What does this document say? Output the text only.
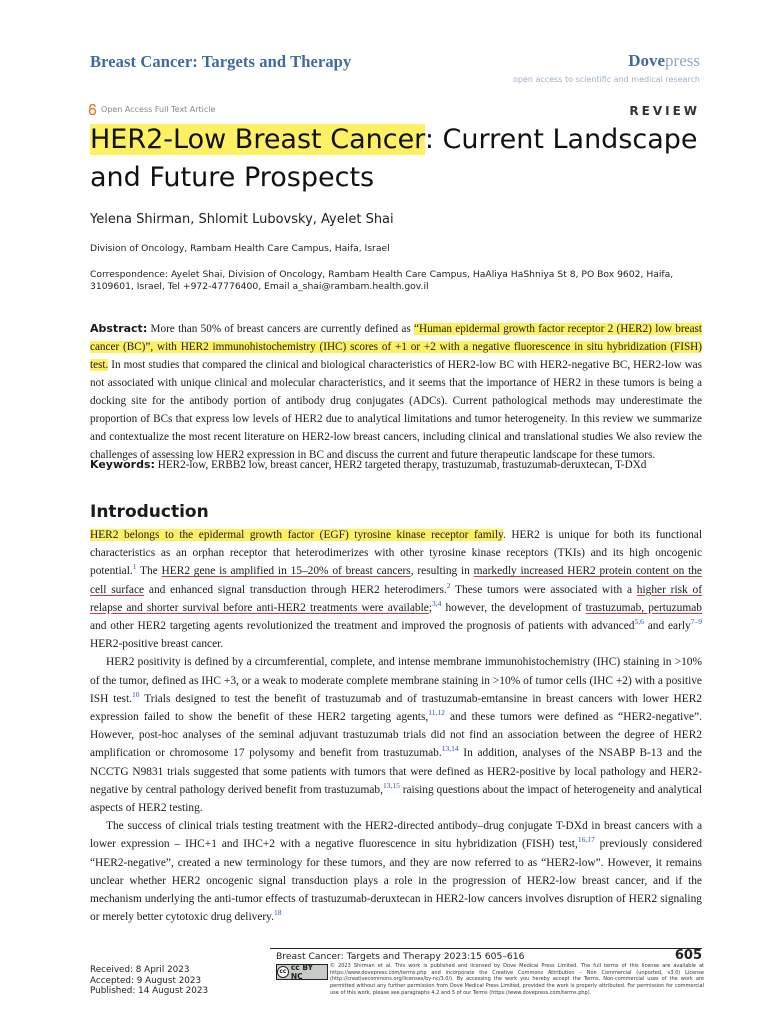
Breast Cancer: Targets and Therapy	Dovepress
open access to scientific and medical research
Open Access Full Text Article	REVIEW
HER2-Low Breast Cancer: Current Landscape and Future Prospects
Yelena Shirman, Shlomit Lubovsky, Ayelet Shai
Division of Oncology, Rambam Health Care Campus, Haifa, Israel
Correspondence: Ayelet Shai, Division of Oncology, Rambam Health Care Campus, HaAliya HaShniya St 8, PO Box 9602, Haifa, 3109601, Israel, Tel +972-47776400, Email a_shai@rambam.health.gov.il
Abstract: More than 50% of breast cancers are currently defined as “Human epidermal growth factor receptor 2 (HER2) low breast cancer (BC)”, with HER2 immunohistochemistry (IHC) scores of +1 or +2 with a negative fluorescence in situ hybridization (FISH) test. In most studies that compared the clinical and biological characteristics of HER2-low BC with HER2-negative BC, HER2-low was not associated with unique clinical and molecular characteristics, and it seems that the importance of HER2 in these tumors is being a docking site for the antibody portion of antibody drug conjugates (ADCs). Current pathological methods may underestimate the proportion of BCs that express low levels of HER2 due to analytical limitations and tumor heterogeneity. In this review we summarize and contextualize the most recent literature on HER2-low breast cancers, including clinical and translational studies We also review the challenges of assessing low HER2 expression in BC and discuss the current and future therapeutic landscape for these tumors.
Keywords: HER2-low, ERBB2 low, breast cancer, HER2 targeted therapy, trastuzumab, trastuzumab-deruxtecan, T-DXd
Introduction

HER2 belongs to the epidermal growth factor (EGF) tyrosine kinase receptor family. HER2 is unique for both its functional characteristics as an orphan receptor that heterodimerizes with other tyrosine kinase receptors (TKIs) and its high oncogenic potential.$^1$ The HER2 gene is amplified in 15–20% of breast cancers, resulting in markedly increased HER2 protein content on the cell surface and enhanced signal transduction through HER2 heterodimers.$^2$ These tumors were associated with a higher risk of relapse and shorter survival before anti-HER2 treatments were available;$^{3,4}$ however, the development of trastuzumab, pertuzumab and other HER2 targeting agents revolutionized the treatment and improved the prognosis of patients with advanced$^{5,6}$ and early$^{7-9}$ HER2-positive breast cancer.

HER2 positivity is defined by a circumferential, complete, and intense membrane immunohistochemistry (IHC) staining in >10% of the tumor, defined as IHC +3, or a weak to moderate complete membrane staining in >10% of tumor cells (IHC +2) with a positive ISH test.$^{10}$ Trials designed to test the benefit of trastuzumab and of trastuzumab-emtansine in breast cancers with lower HER2 expression failed to show the benefit of these HER2 targeting agents,$^{11,12}$ and these tumors were defined as “HER2-negative”. However, post-hoc analyses of the seminal adjuvant trastuzumab trials did not find an association between the degree of HER2 amplification or chromosome 17 polysomy and benefit from trastuzumab.$^{13,14}$ In addition, analyses of the NSABP B-13 and the NCCTG N9831 trials suggested that some patients with tumors that were defined as HER2-positive by local pathology and HER2-negative by central pathology derived benefit from trastuzumab,$^{13,15}$ raising questions about the impact of heterogeneity and analytical aspects of HER2 testing.

The success of clinical trials testing treatment with the HER2-directed antibody–drug conjugate T-DXd in breast cancers with a lower expression – IHC+1 and IHC+2 with a negative fluorescence in situ hybridization (FISH) test,$^{16,17}$ previously considered “HER2-negative”, created a new terminology for these tumors, and they are now referred to as “HER2-low”. However, it remains unclear whether HER2 oncogenic signal transduction plays a role in the progression of HER2-low breast cancer, and if the mechanism underlying the anti-tumor effects of trastuzumab-deruxtecan in HER2-low cancers involves disruption of HER2 signaling or merely better cytotoxic drug delivery.$^{18}$

Breast Cancer: Targets and Therapy 2023:15 605–616	605
Received: 8 April 2023
Accepted: 9 August 2023
Published: 14 August 2023
cc cc BY NC
© 2023 Shirman et al. This work is published and licensed by Dove Medical Press Limited. The full terms of this license are available at https://www.dovepress.com/terms.php and incorporate the Creative Commons Attribution – Non Commercial (unported, v3.0) License (http://creativecommons.org/licenses/by-nc/3.0/). By accessing the work you hereby accept the Terms. Non-commercial uses of the work are permitted without any further permission from Dove Medical Press Limited, provided the work is properly attributed. For permission for commercial use of this work, please see paragraphs 4.2 and 5 of our Terms (https://www.dovepress.com/terms.php).
